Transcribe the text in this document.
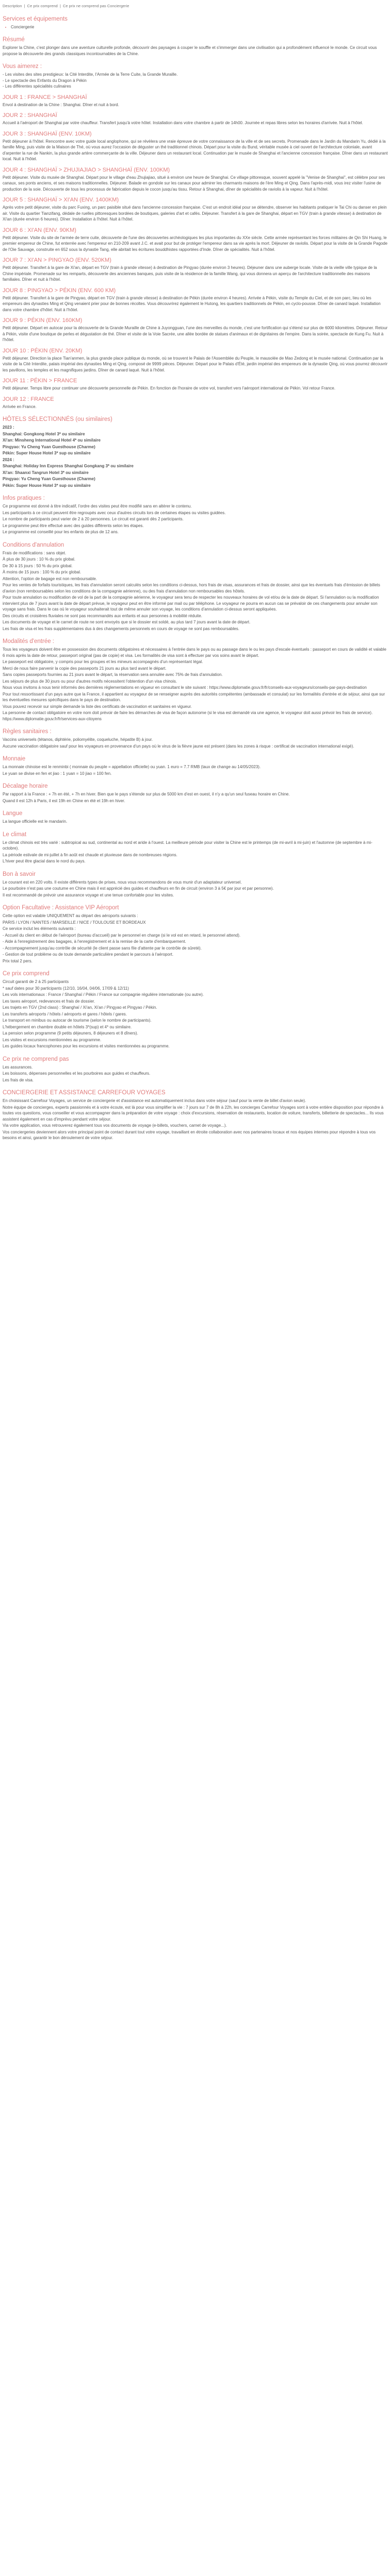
Description | Ce prix comprend | Ce prix ne comprend pas Conciergerie
Services et équipements
• Conciergerie
Résumé

Explorer la Chine, c'est plonger dans une aventure culturelle profonde, découvrir des paysages à couper le souffle et s'immerger dans une civilisation qui a profondément influencé le monde. Ce circuit vous propose la découverte des grands classiques incontournables de la Chine.

Vous aimerez :
- Les visites des sites prestigieux: la Cité Interdite, l'Armée de la Terre Cuite, la Grande Muraille.
- Le spectacle des Enfants du Dragon à Pékin
- Les différentes spécialités culinaires
JOUR 1 : FRANCE > SHANGHAÏ

Envol à destination de la Chine : Shanghai. Dîner et nuit à bord.

JOUR 2 : SHANGHAÏ

Accueil à l'aéroport de Shanghai par votre chauffeur. Transfert jusqu'à votre hôtel. Installation dans votre chambre à partir de 14h00. Journée et repas libres selon les horaires d'arrivée. Nuit à l'hôtel.

JOUR 3 : SHANGHAÏ (ENV. 10KM)

Petit déjeuner à l'hôtel. Rencontre avec votre guide local anglophone, qui se révèlera une vraie épreuve de votre connaissance de la ville et de ses secrets. Promenade dans le Jardin du Mandarin Yu, dédié à la famille Ming, puis visite de la Maison de Thé, où vous aurez l'occasion de déguster un thé traditionnel chinois. Départ pour la visite du Bund, véritable musée à ciel ouvert de l'architecture coloniale, avant d'arpenter la rue de Nankin, la plus grande artère commerçante de la ville. Déjeuner dans un restaurant local. Continuation par le musée de Shanghai et l'ancienne concession française. Dîner dans un restaurant local. Nuit à l'hôtel.

JOUR 4 : SHANGHAÏ > ZHUJIAJIAO > SHANGHAÏ (ENV. 100KM)

Petit déjeuner. Visite du musée de Shanghai. Départ pour le village d'eau Zhujiajiao, situé à environ une heure de Shanghai. Ce village pittoresque, souvent appelé la "Venise de Shanghai", est célèbre pour ses canaux, ses ponts anciens, et ses maisons traditionnelles. Déjeuner. Balade en gondole sur les canaux pour admirer les charmants maisons de l'ère Ming et Qing. Dans l'après-midi, vous irez visiter l'usine de production de la soie. Découverte de tous les processus de fabrication depuis le cocon jusqu'au tissu. Retour à Shanghai, dîner de spécialités de raviolis à la vapeur. Nuit à l'hôtel.

JOUR 5 : SHANGHAÏ > XI'AN (ENV. 1400KM)

Après votre petit déjeuner, visite du parc Fuxing, un parc paisible situé dans l'ancienne concession française. C'est un endroit idéal pour se détendre, observer les habitants pratiquer le Tai Chi ou danser en plein air. Visite du quartier Tianzifang, dédale de ruelles pittoresques bordées de boutiques, galeries d'art et cafés. Déjeuner. Transfert à la gare de Shanghai, départ en TGV (train à grande vitesse) à destination de Xi'an (durée environ 6 heures). Dîner. Installation à l'hôtel. Nuit à l'hôtel.

JOUR 6 : XI'AN (ENV. 90KM)

Petit déjeuner. Visite du site de l'armée de terre cuite, découverte de l'une des découvertes archéologiques les plus importantes du XXe siècle. Cette armée représentant les forces militaires de Qin Shi Huang, le premier empereur de Chine, fut enterrée avec l'empereur en 210-209 avant J.C. et avait pour but de protéger l'empereur dans sa vie après la mort. Déjeuner de raviolis. Départ pour la visite de la Grande Pagode de l'Oie Sauvage, construite en 652 sous la dynastie Tang, elle abritait les écritures bouddhistes rapportées d'Inde. Dîner de spécialités. Nuit à l'hôtel.

JOUR 7 : XI'AN > PINGYAO (ENV. 520KM)

Petit déjeuner. Transfert à la gare de Xi'an, départ en TGV (train à grande vitesse) à destination de Pingyao (durée environ 3 heures). Déjeuner dans une auberge locale. Visite de la vieille ville typique de la Chine impériale. Promenade sur les remparts, découverte des anciennes banques, puis visite de la résidence de la famille Wang, qui vous donnera un aperçu de l'architecture traditionnelle des maisons familiales. Dîner et nuit à l'hôtel.

JOUR 8 : PINGYAO > PÉKIN (ENV. 600 KM)

Petit déjeuner. Transfert à la gare de Pingyao, départ en TGV (train à grande vitesse) à destination de Pékin (durée environ 4 heures). Arrivée à Pékin, visite du Temple du Ciel, et de son parc, lieu où les empereurs des dynasties Ming et Qing venaient prier pour de bonnes récoltes. Vous découvrirez également le Hutong, les quartiers traditionnels de Pékin, en cyclo-pousse. Dîner de canard laqué. Installation dans votre chambre d'hôtel. Nuit à l'hôtel.

JOUR 9 : PÉKIN (ENV. 160KM)

Petit déjeuner. Départ en autocar pour la découverte de la Grande Muraille de Chine à Juyongguan, l'une des merveilles du monde, c'est une fortification qui s'étend sur plus de 6000 kilomètres. Déjeuner. Retour à Pékin, visite d'une boutique de perles et dégustation de thé. Dîner et visite de la Voie Sacrée, une allée bordée de statues d'animaux et de dignitaires de l'empire. Dans la soirée, spectacle de Kung Fu. Nuit à l'hôtel.

JOUR 10 : PÉKIN (ENV. 20KM)

Petit déjeuner. Direction la place Tian'anmen, la plus grande place publique du monde, où se trouvent le Palais de l'Assemblée du Peuple, le mausolée de Mao Zedong et le musée national. Continuation par la visite de la Cité Interdite, palais impérial des dynasties Ming et Qing, composé de 9999 pièces. Déjeuner. Départ pour le Palais d'Été, jardin impérial des empereurs de la dynastie Qing, où vous pourrez découvrir les pavillons, les temples et les magnifiques jardins. Dîner de canard laqué. Nuit à l'hôtel.

JOUR 11 : PÉKIN > FRANCE

Petit déjeuner. Temps libre pour continuer une découverte personnelle de Pékin. En fonction de l'horaire de votre vol, transfert vers l'aéroport international de Pékin. Vol retour France.

JOUR 12 : FRANCE

Arrivée en France.

HÔTELS SÉLECTIONNÉS (ou similaires)

2023 :

Shanghai: Gongkong Hotel 3* ou similaire

Xi'an: Minsheng International Hotel 4* ou similaire

Pingyao: Yu Cheng Yuan Guesthouse (Charme)

Pékin: Super House Hotel 3* sup ou similaire

2024 :

Shanghai: Holiday Inn Express Shanghai Gongkang 3* ou similaire

Xi'an: Shaanxi Tangrun Hotel 3* ou similaire

Pingyao: Yu Cheng Yuan Guesthouse (Charme)

Pékin: Super House Hotel 3* sup ou similaire

Infos pratiques :

Ce programme est donné à titre indicatif, l'ordre des visites peut être modifié sans en altérer le contenu.

Les participants à ce circuit peuvent être regroupés avec ceux d'autres circuits lors de certaines étapes ou visites guidées.

Le nombre de participants peut varier de 2 à 20 personnes. Le circuit est garanti dès 2 participants.

Le programme peut être effectué avec des guides différents selon les étapes.

Le programme est conseillé pour les enfants de plus de 12 ans.

Conditions d'annulation

Frais de modifications : sans objet.

À plus de 30 jours : 10 % du prix global.

De 30 à 15 jours : 50 % du prix global.

À moins de 15 jours : 100 % du prix global.

Attention, l'option de bagage est non remboursable.

Pour les ventes de forfaits touristiques, les frais d'annulation seront calculés selon les conditions ci-dessus, hors frais de visas, assurances et frais de dossier, ainsi que les éventuels frais d'émission de billets d'avion (non remboursables selon les conditions de la compagnie aérienne), ou des frais d'annulation non remboursables des hôtels.

Pour toute annulation ou modification de vol de la part de la compagnie aérienne, le voyageur sera tenu de respecter les nouveaux horaires de vol et/ou de la date de départ. Si l'annulation ou la modification intervient plus de 7 jours avant la date de départ prévue, le voyageur peut en être informé par mail ou par téléphone. Le voyageur ne pourra en aucun cas se prévaloir de ces changements pour annuler son voyage sans frais. Dans le cas où le voyageur souhaiterait tout de même annuler son voyage, les conditions d'annulation ci-dessus seront appliquées.

Des circuits et croisières fluviales ne sont pas recommandés aux enfants et aux personnes à mobilité réduite.

Les documents de voyage et le carnet de route ne sont envoyés que si le dossier est soldé, au plus tard 7 jours avant la date de départ.

Les frais de visa et les frais supplémentaires dus à des changements personnels en cours de voyage ne sont pas remboursables.

Modalités d'entrée :

Tous les voyageurs doivent être en possession des documents obligatoires et nécessaires à l'entrée dans le pays ou au passage dans le ou les pays d'escale éventuels : passeport en cours de validité et valable 6 mois après la date de retour, passeport original (pas de copie) et visa. Les formalités de visa sont à effectuer par vos soins avant le départ.

Le passeport est obligatoire, y compris pour les groupes et les mineurs accompagnés d'un représentant légal.

Merci de nous faire parvenir la copie des passeports 21 jours au plus tard avant le départ.

Sans copies passeports fournies au 21 jours avant le départ, la réservation sera annulée avec 75% de frais d'annulation.

Les séjours de plus de 30 jours ou pour d'autres motifs nécessitent l'obtention d'un visa chinois.

Nous vous invitons à nous tenir informés des dernières réglementations en vigueur en consultant le site suivant : https://www.diplomatie.gouv.fr/fr/conseils-aux-voyageurs/conseils-par-pays-destination

Pour tout ressortissant d'un pays autre que la France, il appartient au voyageur de se renseigner auprès des autorités compétentes (ambassade et consulat) sur les formalités d'entrée et de séjour, ainsi que sur les éventuelles mesures spécifiques dans le pays de destination.

Vous pouvez recevoir sur simple demande la liste des certificats de vaccination et sanitaires en vigueur.

La personne de contact obligatoire en votre nom doit prévoir de faire les démarches de visa de façon autonome (si le visa est demandé via une agence, le voyageur doit aussi prévoir les frais de service). https://www.diplomatie.gouv.fr/fr/services-aux-citoyens

Règles sanitaires :

Vaccins universels (tétanos, diphtérie, poliomyélite, coqueluche, hépatite B) à jour.

Aucune vaccination obligatoire sauf pour les voyageurs en provenance d'un pays où le virus de la fièvre jaune est présent (dans les zones à risque : certificat de vaccination international exigé).

Monnaie

La monnaie chinoise est le renminbi ( monnaie du peuple = appellation officielle) ou yuan. 1 euro = 7.7 RMB (taux de change au 14/05/2023).

Le yuan se divise en fen et jiao : 1 yuan = 10 jiao = 100 fen.

Décalage horaire

Par rapport à la France : + 7h en été, + 7h en hiver. Bien que le pays s'étende sur plus de 5000 km d'est en ouest, il n'y a qu'un seul fuseau horaire en Chine.

Quand il est 12h à Paris, il est 19h en Chine en été et 19h en hiver.

Langue

La langue officielle est le mandarin.

Le climat

Le climat chinois est très varié : subtropical au sud, continental au nord et aride à l'ouest. La meilleure période pour visiter la Chine est le printemps (de mi-avril à mi-juin) et l'automne (de septembre à mi-octobre).

La période estivale de mi-juillet à fin août est chaude et pluvieuse dans de nombreuses régions.

L'hiver peut être glacial dans le nord du pays.

Bon à savoir

Le courant est en 220 volts. Il existe différents types de prises, nous vous recommandons de vous munir d'un adaptateur universel.

Le pourboire n'est pas une coutume en Chine mais il est apprécié des guides et chauffeurs en fin de circuit (environ 3 à 5€ par jour et par personne).

Il est recommandé de prévoir une assurance voyage et une tenue confortable pour les visites.

Option Facultative : Assistance VIP Aéroport

Cette option est valable UNIQUEMENT au départ des aéroports suivants :

PARIS / LYON / NANTES / MARSEILLE / NICE / TOULOUSE ET BORDEAUX

Ce service inclut les éléments suivants :

- Accueil du client en début de l'aéroport (bureau d'accueil) par le personnel en charge (si le vol est en retard, le personnel attend).

- Aide à l'enregistrement des bagages, à l'enregistrement et à la remise de la carte d'embarquement.

- Accompagnement jusqu'au contrôle de sécurité (le client passe sans file d'attente par le contrôle de sûreté).

- Gestion de tout problème ou de toute demande particulière pendant le parcours à l'aéroport.

Prix total 2 pers.

Ce prix comprend

Circuit garanti de 2 à 25 participants

* sauf dates pour 30 participants (12/10, 16/04, 04/06, 17/09 & 12/11)

Les vols internationaux : France / Shanghaï / Pékin / France sur compagnie régulière internationale (ou autre).

Les taxes aéroport, redevances et frais de dossier.

Les trajets en TGV (2nd class) : Shanghaï / Xi'an, Xi'an / Pingyao et Pingyao / Pékin.

Les transferts aéroports / hôtels / aéroports et gares / hôtels / gares.

Le transport en minibus ou autocar de tourisme (selon le nombre de participants).

L'hébergement en chambre double en hôtels 3*(sup) et 4* ou similaire.

La pension selon programme (9 petits déjeuners, 8 déjeuners et 8 dîners).

Les visites et excursions mentionnées au programme.

Les guides locaux francophones pour les excursions et visites mentionnées au programme.

Ce prix ne comprend pas

Les assurances.

Les boissons, dépenses personnelles et les pourboires aux guides et chauffeurs.

Les frais de visa.

CONCIERGERIE ET ASSISTANCE CARREFOUR VOYAGES

En choisissant Carrefour Voyages, un service de conciergerie et d'assistance est automatiquement inclus dans votre séjour (sauf pour la vente de billet d'avion seule).

Notre équipe de concierges, experts passionnés et à votre écoute, est là pour vous simplifier la vie : 7 jours sur 7 de 8h à 22h, les concierges Carrefour Voyages sont à votre entière disposition pour répondre à toutes vos questions, vous conseiller et vous accompagner dans la préparation de votre voyage : choix d'excursions, réservation de restaurants, location de voiture, transferts, billetterie de spectacles... Ils vous assistent également en cas d'imprévu pendant votre séjour.

Via votre application, vous retrouverez également tous vos documents de voyage (e-billets, vouchers, carnet de voyage...).

Vos conciergeries deviennent alors votre principal point de contact durant tout votre voyage, travaillant en étroite collaboration avec nos partenaires locaux et nos équipes internes pour répondre à tous vos besoins et ainsi, garantir le bon déroulement de votre séjour.
